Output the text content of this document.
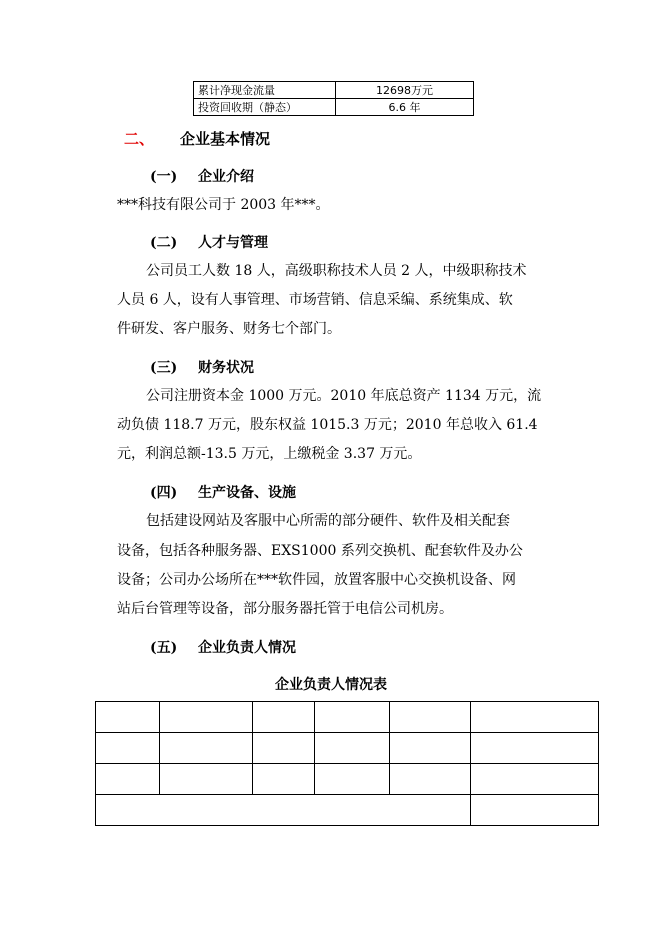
累计净现金流量	12698万元
投资回收期（静态）	6.6 年
二、 企业基本情况
(一) 企业介绍
***科技有限公司于 2003 年***。
(二) 人才与管理
公司员工人数 18 人，高级职称技术人员 2 人，中级职称技术
人员 6 人，设有人事管理、市场营销、信息采编、系统集成、软
件研发、客户服务、财务七个部门。
(三) 财务状况
公司注册资本金 1000 万元。2010 年底总资产 1134 万元，流
动负债 118.7 万元，股东权益 1015.3 万元；2010 年总收入 61.4
元，利润总额-13.5 万元，上缴税金 3.37 万元。
(四) 生产设备、设施
包括建设网站及客服中心所需的部分硬件、软件及相关配套
设备，包括各种服务器、EXS1000 系列交换机、配套软件及办公
设备；公司办公场所在***软件园，放置客服中心交换机设备、网
站后台管理等设备，部分服务器托管于电信公司机房。
(五) 企业负责人情况
企业负责人情况表
